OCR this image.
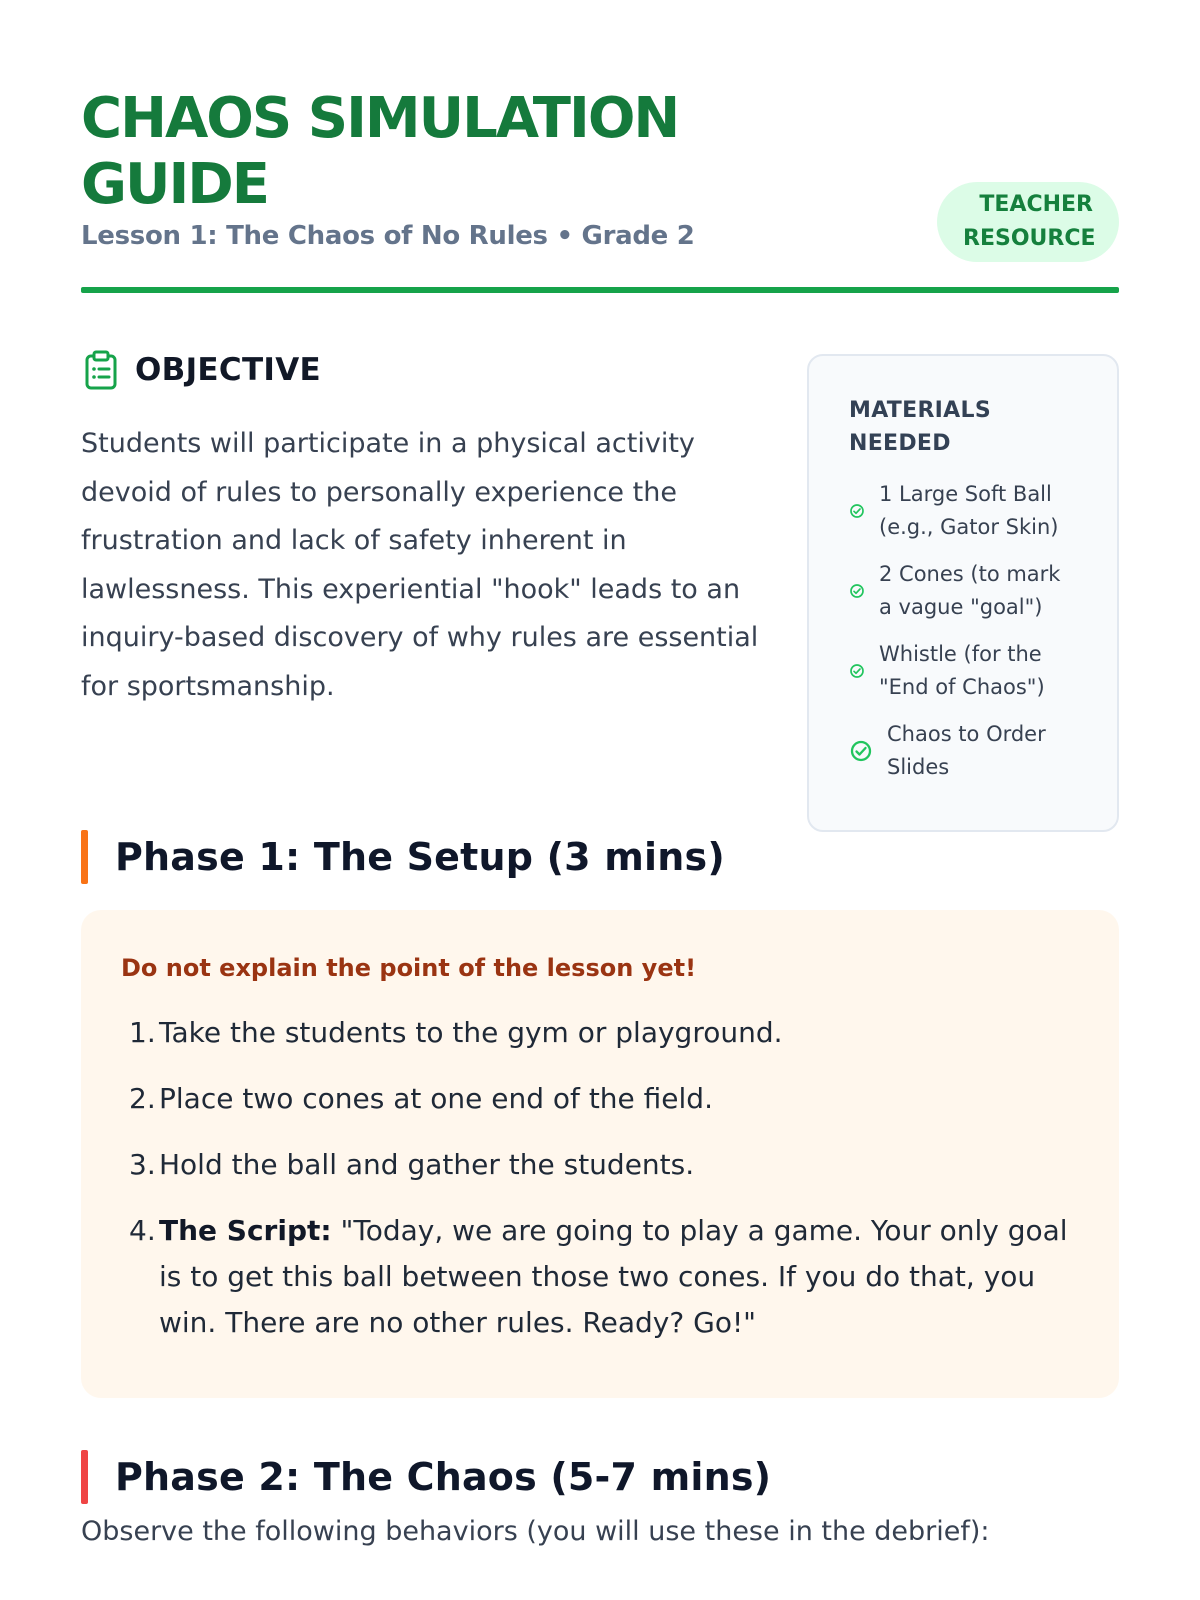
CHAOS SIMULATION GUIDE
Lesson 1: The Chaos of No Rules • Grade 2
TEACHER RESOURCE
OBJECTIVE

Students will participate in a physical activity devoid of rules to personally experience the frustration and lack of safety inherent in lawlessness. This experiential "hook" leads to an inquiry-based discovery of why rules are essential for sportsmanship.

MATERIALS NEEDED
1 Large Soft Ball (e.g., Gator Skin)
2 Cones (to mark a vague "goal")
Whistle (for the "End of Chaos")
Chaos to Order Slides
Phase 1: The Setup (3 mins)

Do not explain the point of the lesson yet!

1. Take the students to the gym or playground.
2. Place two cones at one end of the field.
3. Hold the ball and gather the students.
4. The Script: "Today, we are going to play a game. Your only goal is to get this ball between those two cones. If you do that, you win. There are no other rules. Ready? Go!"
Phase 2: The Chaos (5-7 mins)

Observe the following behaviors (you will use these in the debrief):
